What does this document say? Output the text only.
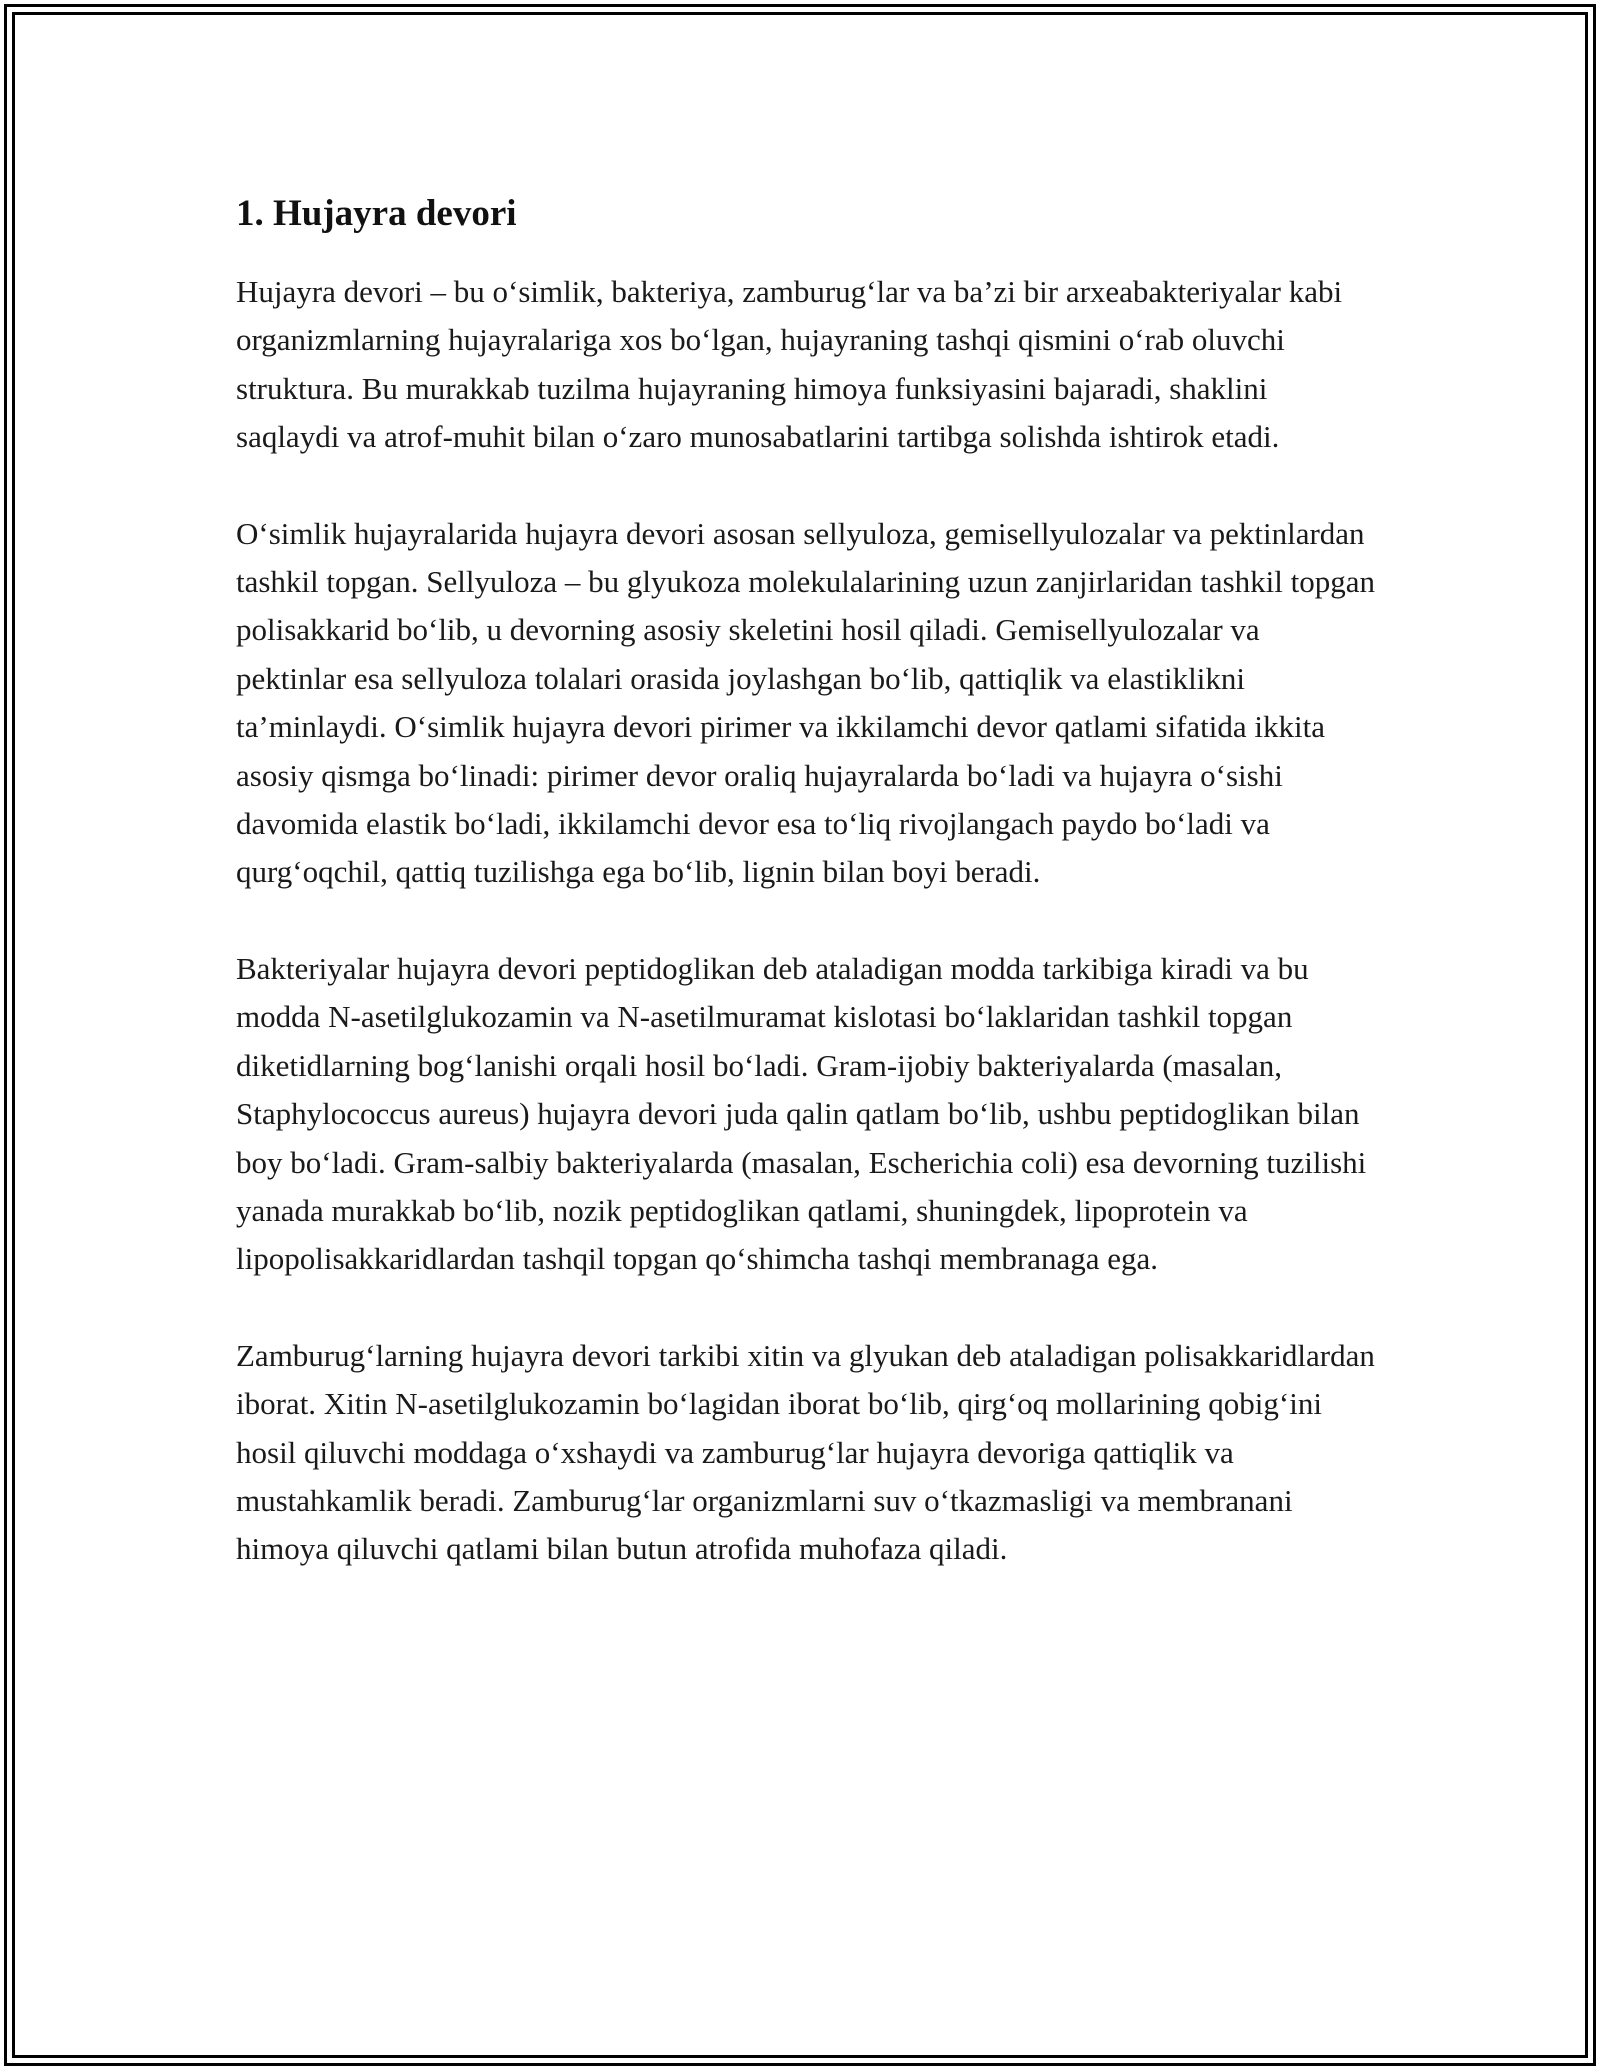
1. Hujayra devori

Hujayra devori – bu o‘simlik, bakteriya, zamburug‘lar va ba’zi bir arxeabakteriyalar kabi organizmlarning hujayralariga xos bo‘lgan, hujayraning tashqi qismini o‘rab oluvchi struktura. Bu murakkab tuzilma hujayraning himoya funksiyasini bajaradi, shaklini saqlaydi va atrof-muhit bilan o‘zaro munosabatlarini tartibga solishda ishtirok etadi.

O‘simlik hujayralarida hujayra devori asosan sellyuloza, gemisellyulozalar va pektinlardan tashkil topgan. Sellyuloza – bu glyukoza molekulalarining uzun zanjirlaridan tashkil topgan polisakkarid bo‘lib, u devorning asosiy skeletini hosil qiladi. Gemisellyulozalar va pektinlar esa sellyuloza tolalari orasida joylashgan bo‘lib, qattiqlik va elastiklikni ta’minlaydi. O‘simlik hujayra devori pirimer va ikkilamchi devor qatlami sifatida ikkita asosiy qismga bo‘linadi: pirimer devor oraliq hujayralarda bo‘ladi va hujayra o‘sishi davomida elastik bo‘ladi, ikkilamchi devor esa to‘liq rivojlangach paydo bo‘ladi va qurg‘oqchil, qattiq tuzilishga ega bo‘lib, lignin bilan boyi beradi.

Bakteriyalar hujayra devori peptidoglikan deb ataladigan modda tarkibiga kiradi va bu modda N-asetilglukozamin va N-asetilmuramat kislotasi bo‘laklaridan tashkil topgan diketidlarning bog‘lanishi orqali hosil bo‘ladi. Gram-ijobiy bakteriyalarda (masalan, Staphylococcus aureus) hujayra devori juda qalin qatlam bo‘lib, ushbu peptidoglikan bilan boy bo‘ladi. Gram-salbiy bakteriyalarda (masalan, Escherichia coli) esa devorning tuzilishi yanada murakkab bo‘lib, nozik peptidoglikan qatlami, shuningdek, lipoprotein va lipopolisakkaridlardan tashqil topgan qo‘shimcha tashqi membranaga ega.

Zamburug‘larning hujayra devori tarkibi xitin va glyukan deb ataladigan polisakkaridlardan iborat. Xitin N-asetilglukozamin bo‘lagidan iborat bo‘lib, qirg‘oq mollarining qobig‘ini hosil qiluvchi moddaga o‘xshaydi va zamburug‘lar hujayra devoriga qattiqlik va mustahkamlik beradi. Zamburug‘lar organizmlarni suv o‘tkazmasligi va membranani himoya qiluvchi qatlami bilan butun atrofida muhofaza qiladi.
